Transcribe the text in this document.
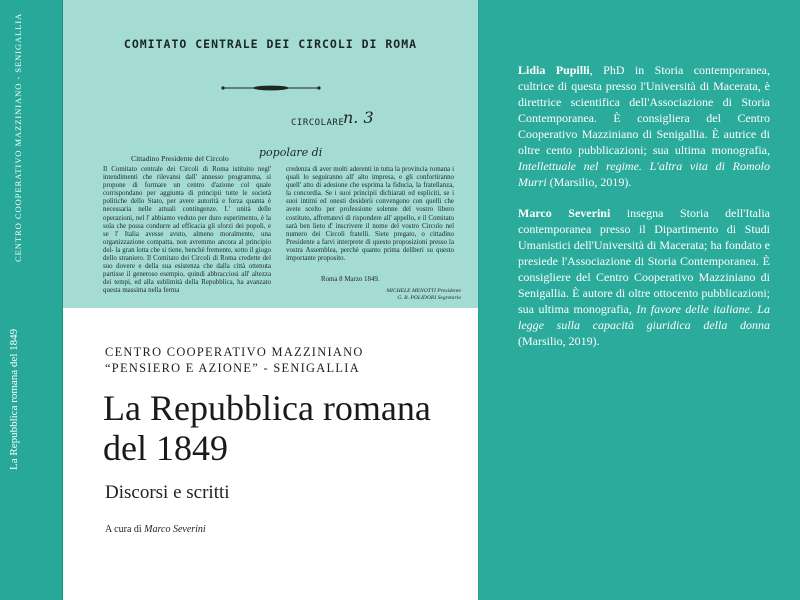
CENTRO COOPERATIVO MAZZINIANO - SENIGALLIA
La Repubblica romana del 1849
COMITATO CENTRALE DEI CIRCOLI DI ROMA
CIRCOLARE
n. 3
Cittadino Presidente del Circolo	popolare di
Il Comitato centrale dei Circoli di Roma istituito negl' intendimenti che rilevansi dall' annesso programma, si propone di formare un centro d'azione col quale corrispondano per aggiunta di principii tutte le società politiche dello Stato, per avere autorità e forza quanta è necessaria nelle attuali contingenze. L' unità delle operazioni, nel l' abbiamo veduto per duro esperimento, è la sola che possa condurre ad efficacia gli sforzi dei popoli, e se l' Italia avesse avuto, almeno moralmente, una organizzazione compatta, non avremmo ancora al principio del- la gran lotta che si tiene, benchè fremente, sotto il giogo dello straniero. Il Comitato dei Circoli di Roma credette del suo dovere e della sua esistenza che dalla città ottenuta partisse il generoso esempio, quindi abbracciosi all' altezza dei tempi, ed alla sublimità della Repubblica, ha avanzato questa massima nella ferma
credenza di aver molti aderenti in tutta la provincia romana i quali lo seguiranno all' alto impresa, e gli confortiranno quell' atto di adesione che esprima la fiducia, la fratellanza, la concordia. Se i suoi principii dichiarati ed espliciti, se i suoi intimi ed onesti desiderii convengono con quelli che avete scelto per professione solenne del vostro libero costituto, affrettatevi di rispondere all' appello, e il Comitato sarà ben lieto d' inscrivere il nome del vostro Circolo nel numero dei Circoli fratelli. Siete pregato, o cittadino Presidente a farvi interprete di questo proposizioni presso la vostra Assemblea, perchè quanto prima deliberi su questo importante proposito.
Roma 8 Marzo 1849.
MICHELE MENOTTI Presidente
G. B. POLIDORI Segretario
CENTRO COOPERATIVO MAZZINIANO
“PENSIERO E AZIONE” - SENIGALLIA
La Repubblica romana
del 1849
Discorsi e scritti
A cura di Marco Severini
Lidia Pupilli, PhD in Storia contemporanea, cultrice di questa presso l'Università di Macerata, è direttrice scientifica dell'Associazione di Storia Contemporanea. È consigliera del Centro Cooperativo Mazziniano di Senigallia. È autrice di oltre cento pubblicazioni; sua ultima monografia, Intellettuale nel regime. L'altra vita di Romolo Murri (Marsilio, 2019).
Marco Severini insegna Storia dell'Italia contemporanea presso il Dipartimento di Studi Umanistici dell'Università di Macerata; ha fondato e presiede l'Associazione di Storia Contemporanea. È consigliere del Centro Cooperativo Mazziniano di Senigallia. È autore di oltre ottocento pubblicazioni; sua ultima monografia, In favore delle italiane. La legge sulla capacità giuridica della donna (Marsilio, 2019).
